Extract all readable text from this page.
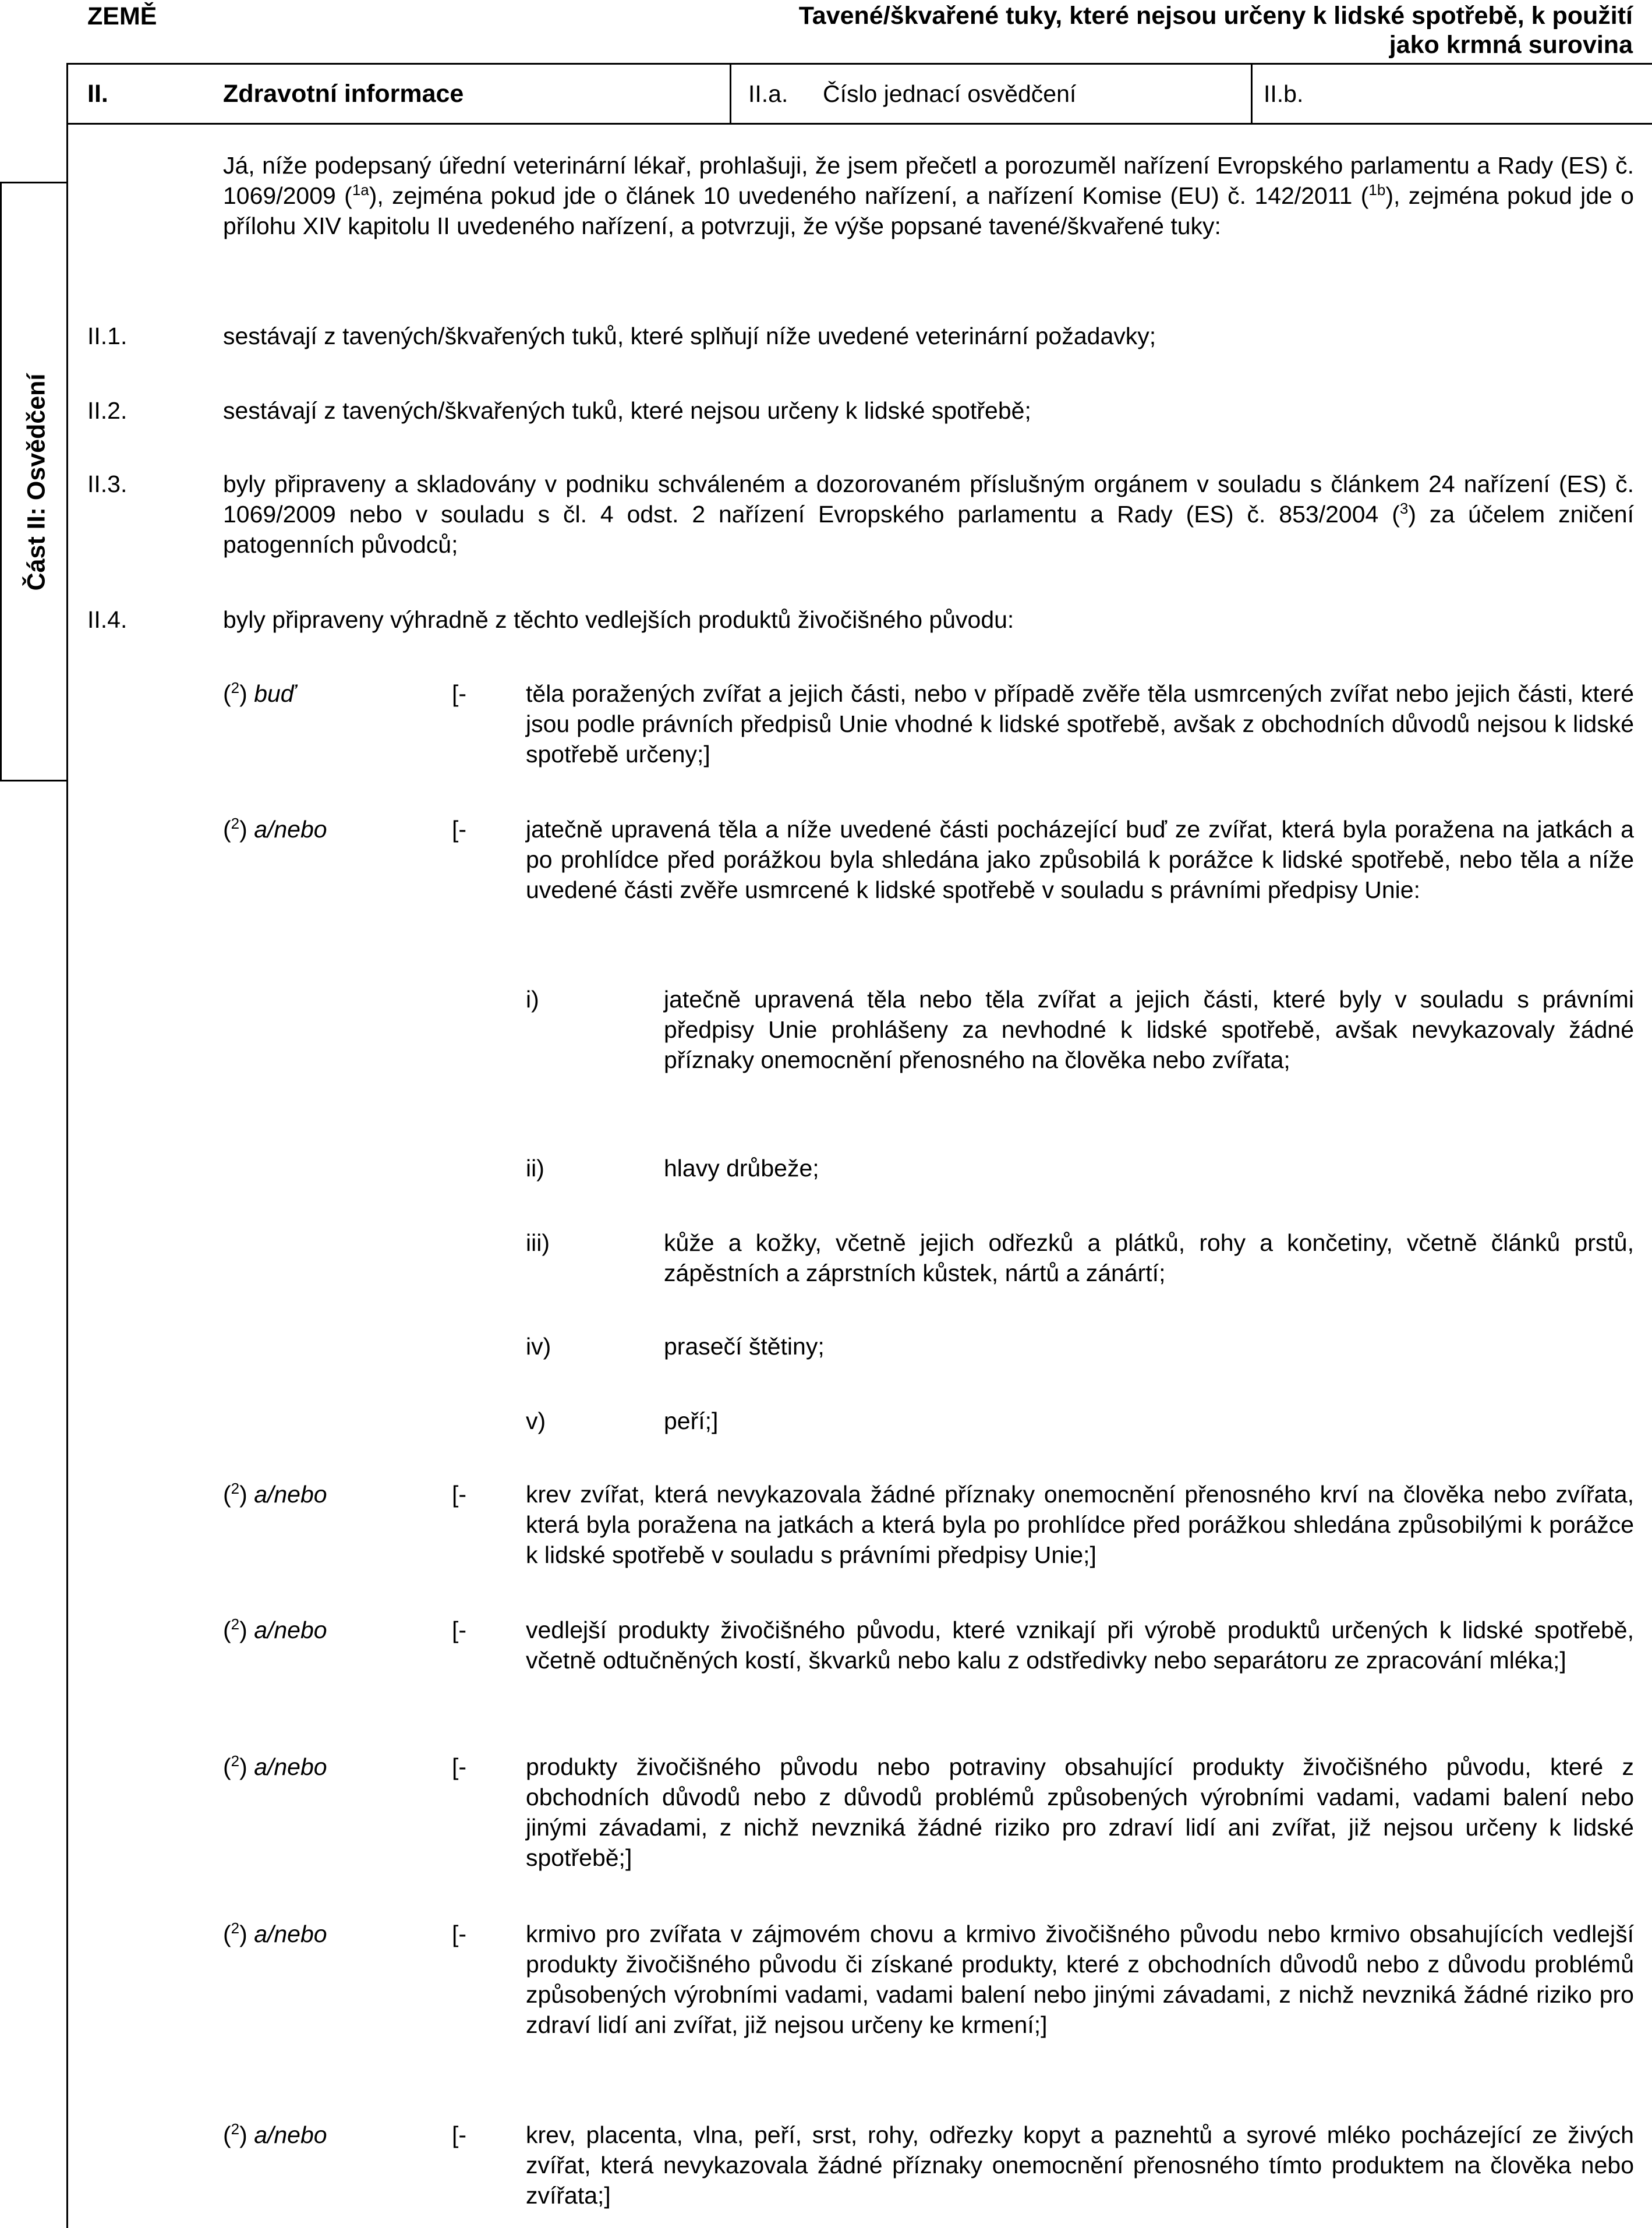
ZEMĚ	Tavené/škvařené tuky, které nejsou určeny k lidské spotřebě, k použití jako krmná surovina
Část II: Osvědčení
II.	Zdravotní informace	II.a. Číslo jednací osvědčení	II.b.
Já, níže podepsaný úřední veterinární lékař, prohlašuji, že jsem přečetl a porozuměl nařízení Evropského parlamentu a Rady (ES) č. 1069/2009 ($^{1a}$), zejména pokud jde o článek 10 uvedeného nařízení, a nařízení Komise (EU) č. 142/2011 ($^{1b}$), zejména pokud jde o přílohu XIV kapitolu II uvedeného nařízení, a potvrzuji, že výše popsané tavené/škvařené tuky:
II.1.	sestávají z tavených/škvařených tuků, které splňují níže uvedené veterinární požadavky;
II.2.	sestávají z tavených/škvařených tuků, které nejsou určeny k lidské spotřebě;
II.3.	byly připraveny a skladovány v podniku schváleném a dozorovaném příslušným orgánem v souladu s článkem 24 nařízení (ES) č. 1069/2009 nebo v souladu s čl. 4 odst. 2 nařízení Evropského parlamentu a Rady (ES) č. 853/2004 ($^3$) za účelem zničení patogenních původců;
II.4.	byly připraveny výhradně z těchto vedlejších produktů živočišného původu:
($^2$) buď	[- těla poražených zvířat a jejich části, nebo v případě zvěře těla usmrcených zvířat nebo jejich části, které jsou podle právních předpisů Unie vhodné k lidské spotřebě, avšak z obchodních důvodů nejsou k lidské spotřebě určeny;]
($^2$) a/nebo	[- jatečně upravená těla a níže uvedené části pocházející buď ze zvířat, která byla poražena na jatkách a po prohlídce před porážkou byla shledána jako způsobilá k porážce k lidské spotřebě, nebo těla a níže uvedené části zvěře usmrcené k lidské spotřebě v souladu s právními předpisy Unie:
i)	jatečně upravená těla nebo těla zvířat a jejich části, které byly v souladu s právními předpisy Unie prohlášeny za nevhodné k lidské spotřebě, avšak nevykazovaly žádné příznaky onemocnění přenosného na člověka nebo zvířata;
ii)	hlavy drůbeže;
iii)	kůže a kožky, včetně jejich odřezků a plátků, rohy a končetiny, včetně článků prstů, zápěstních a záprstních kůstek, nártů a zánártí;
iv)	prasečí štětiny;
v)	peří;]
($^2$) a/nebo	[- krev zvířat, která nevykazovala žádné příznaky onemocnění přenosného krví na člověka nebo zvířata, která byla poražena na jatkách a která byla po prohlídce před porážkou shledána způsobilými k porážce k lidské spotřebě v souladu s právními předpisy Unie;]
($^2$) a/nebo	[- vedlejší produkty živočišného původu, které vznikají při výrobě produktů určených k lidské spotřebě, včetně odtučněných kostí, škvarků nebo kalu z odstředivky nebo separátoru ze zpracování mléka;]
($^2$) a/nebo	[- produkty živočišného původu nebo potraviny obsahující produkty živočišného původu, které z obchodních důvodů nebo z důvodů problémů způsobených výrobními vadami, vadami balení nebo jinými závadami, z nichž nevzniká žádné riziko pro zdraví lidí ani zvířat, již nejsou určeny k lidské spotřebě;]
($^2$) a/nebo	[- krmivo pro zvířata v zájmovém chovu a krmivo živočišného původu nebo krmivo obsahujících vedlejší produkty živočišného původu či získané produkty, které z obchodních důvodů nebo z důvodu problémů způsobených výrobními vadami, vadami balení nebo jinými závadami, z nichž nevzniká žádné riziko pro zdraví lidí ani zvířat, již nejsou určeny ke krmení;]
($^2$) a/nebo	[- krev, placenta, vlna, peří, srst, rohy, odřezky kopyt a paznehtů a syrové mléko pocházející ze živých zvířat, která nevykazovala žádné příznaky onemocnění přenosného tímto produktem na člověka nebo zvířata;]
